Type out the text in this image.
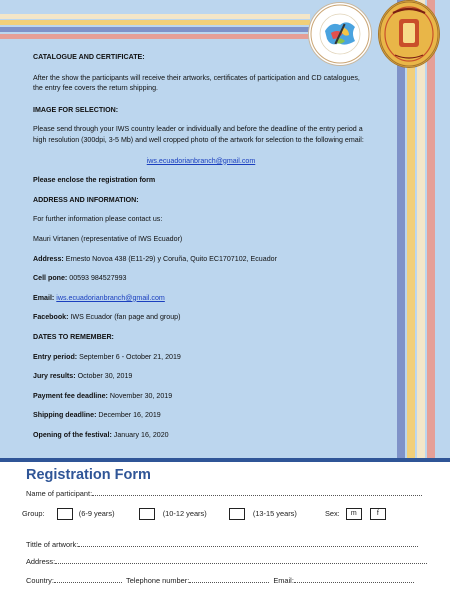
CATALOGUE AND CERTIFICATE:

After the show the participants will receive their artworks, certificates of participation and CD catalogues, the entry fee covers the return shipping.

IMAGE FOR SELECTION:

Please send through your IWS country leader or individually and before the deadline of the entry period a high resolution (300dpi, 3-5 Mb) and well cropped photo of the artwork for selection to the following email:

iws.ecuadorianbranch@gmail.com

Please enclose the registration form

ADDRESS AND INFORMATION:

For further information please contact us:

Mauri Virtanen (representative of IWS Ecuador)

Address: Ernesto Novoa 438 (E11-29) y Coruña, Quito EC1707102, Ecuador

Cell pone: 00593 984527993

Email: iws.ecuadorianbranch@gmail.com

Facebook: IWS Ecuador (fan page and group)

DATES TO REMEMBER:

Entry period: September 6 - October 21, 2019

Jury results: October 30, 2019

Payment fee deadline: November 30, 2019

Shipping deadline: December 16, 2019

Opening of the festival: January 16, 2020

Registration Form
Name of participant:
Group:	(6-9 years)	(10-12 years)	(13-15 years)	Sex: m	f
Tittle of artwork:
Address:
Country:	Telephone number:	Email:
